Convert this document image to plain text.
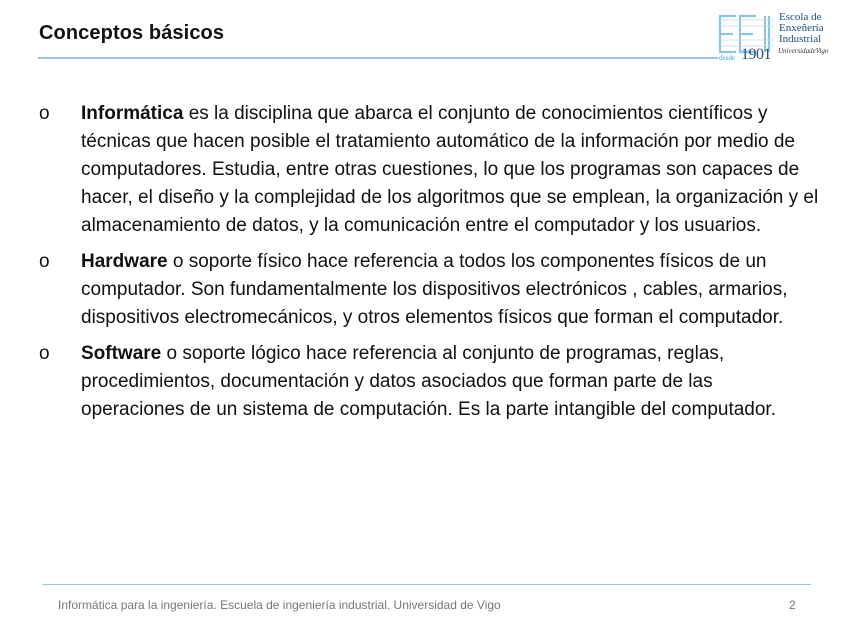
Conceptos básicos
desde 1901
Escola de
Enxeñería
Industrial
UniversidadeVigo
o Informática es la disciplina que abarca el conjunto de conocimientos científicos y técnicas que hacen posible el tratamiento automático de la información por medio de computadores. Estudia, entre otras cuestiones, lo que los programas son capaces de hacer, el diseño y la complejidad de los algoritmos que se emplean, la organización y el almacenamiento de datos, y la comunicación entre el computador y los usuarios.
o Hardware o soporte físico hace referencia a todos los componentes físicos de un computador. Son fundamentalmente los dispositivos electrónicos , cables, armarios, dispositivos electromecánicos, y otros elementos físicos que forman el computador.
o Software o soporte lógico hace referencia al conjunto de programas, reglas, procedimientos, documentación y datos asociados que forman parte de las operaciones de un sistema de computación. Es la parte intangible del computador.
Informática para la ingeniería. Escuela de ingeniería industrial. Universidad de Vigo	2
